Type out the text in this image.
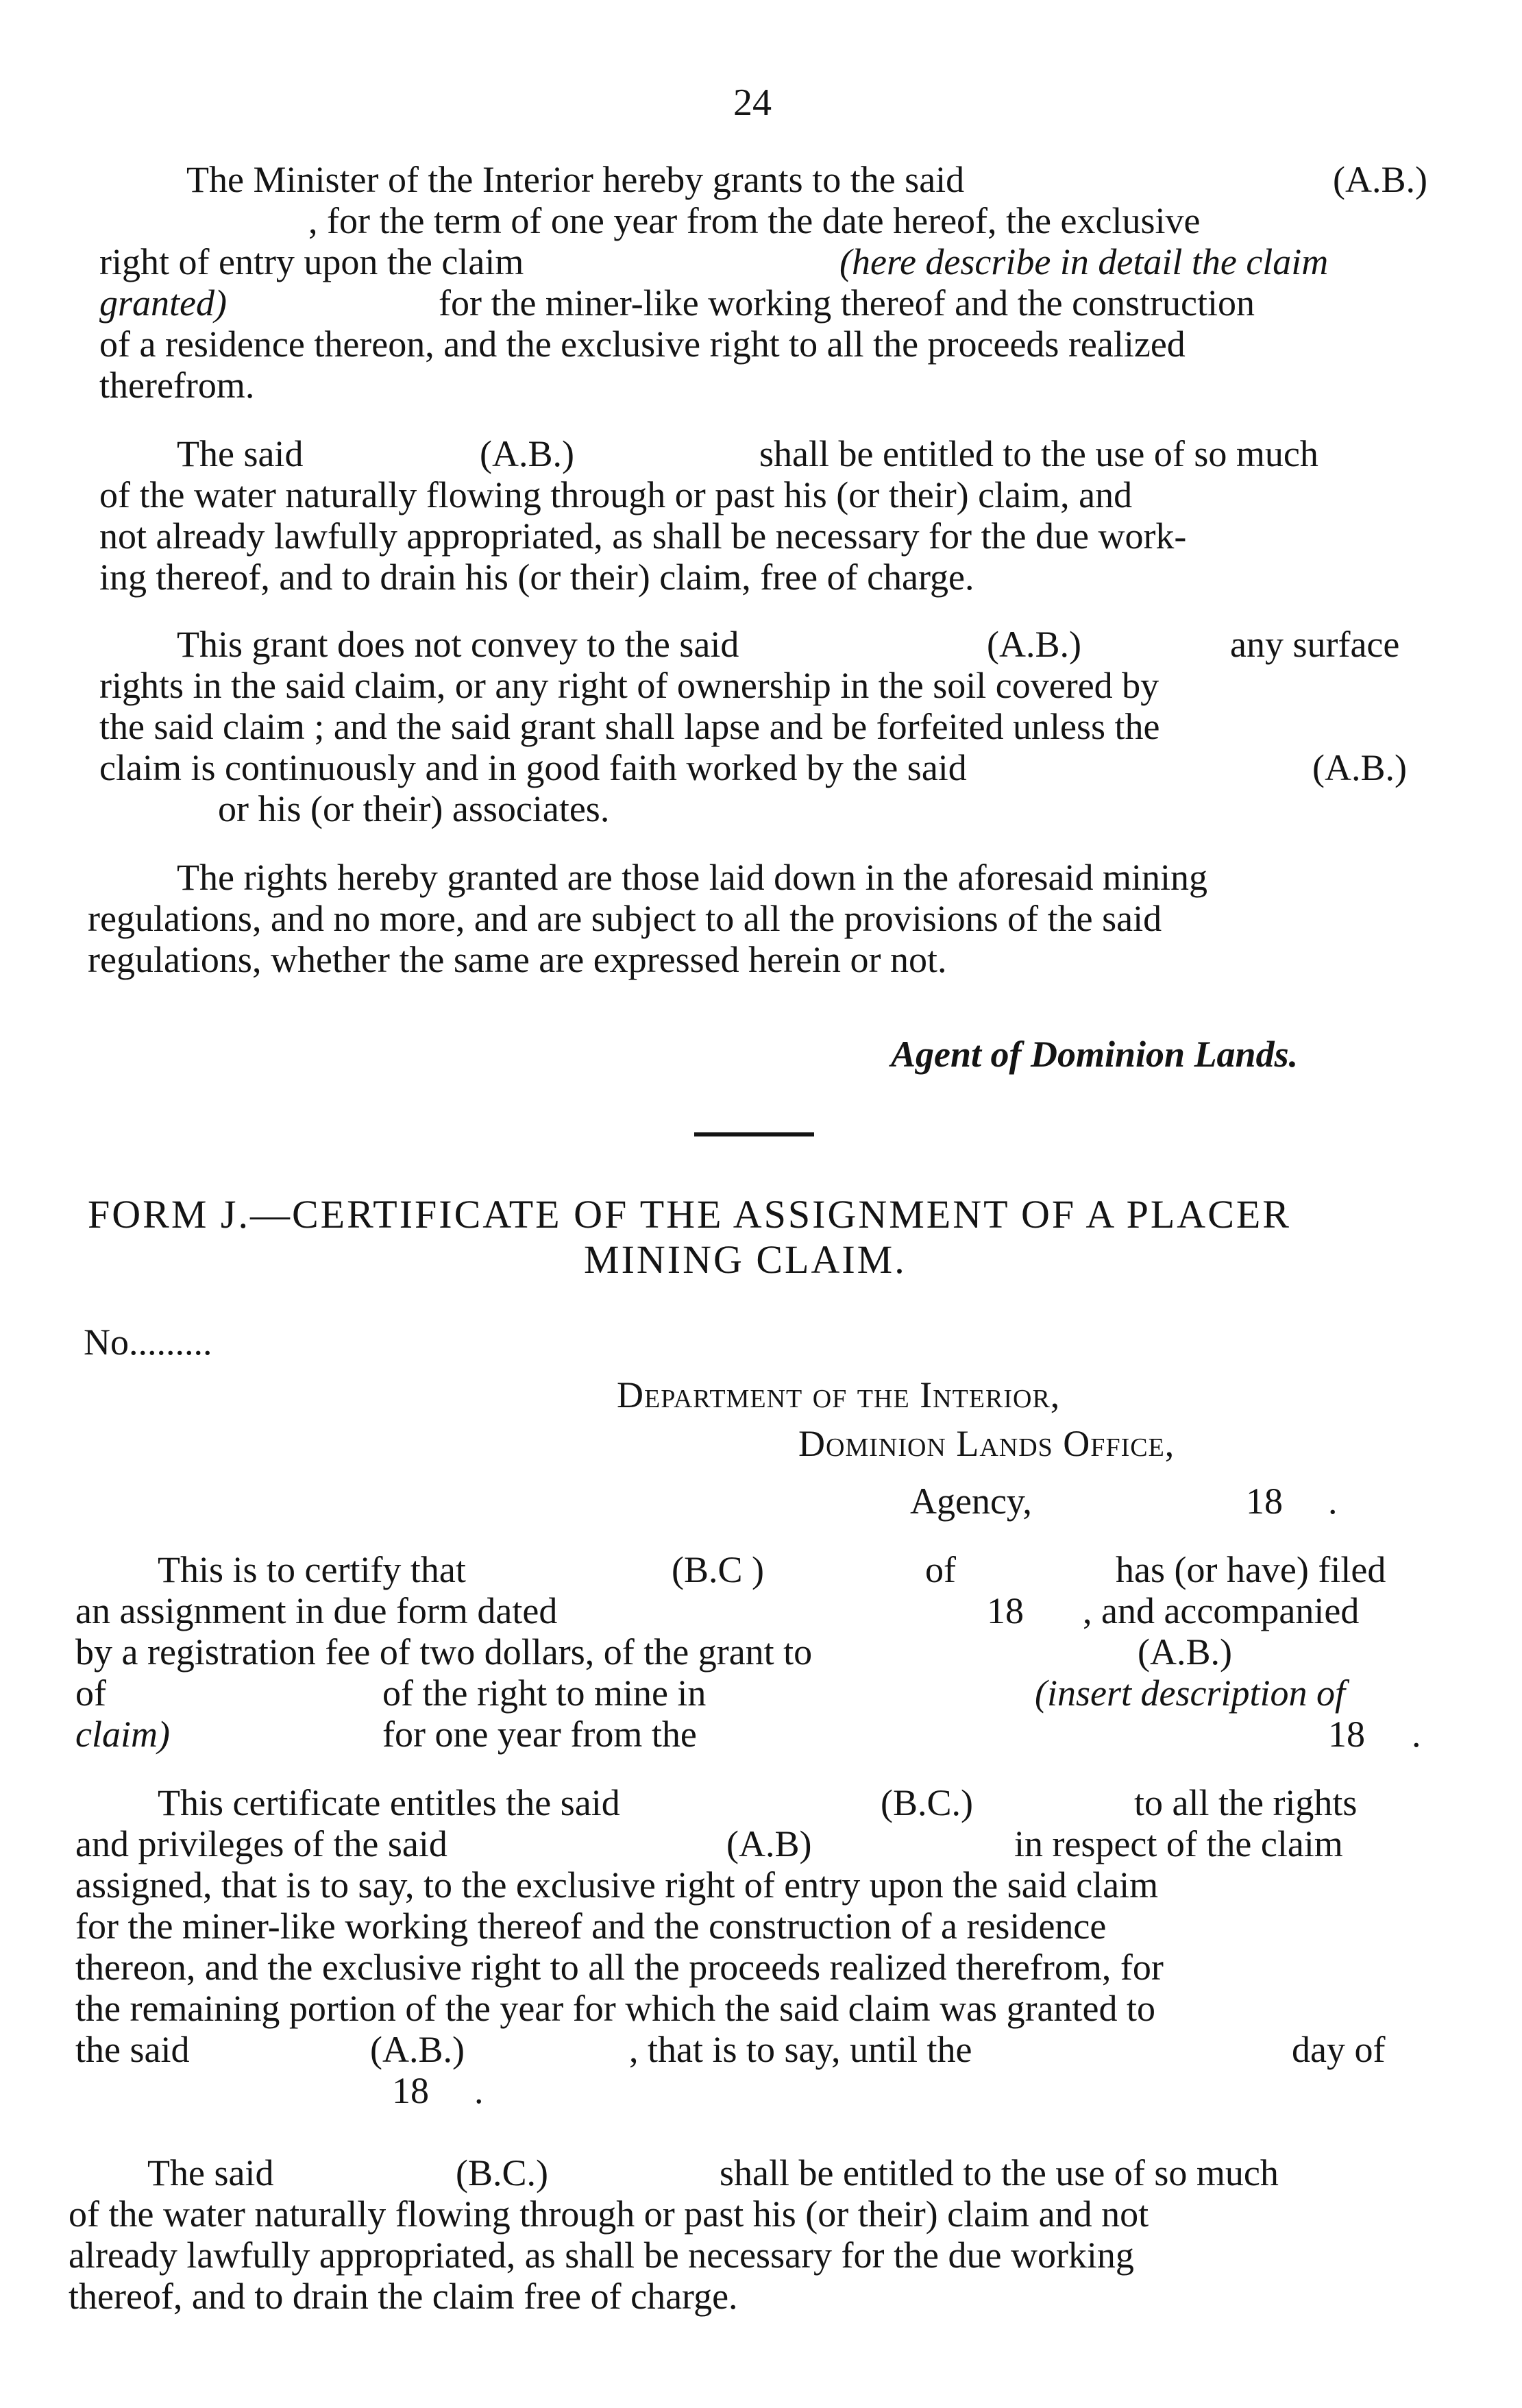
24
The Minister of the Interior hereby grants to the said	(A.B.)
, for the term of one year from the date hereof, the exclusive
right of entry upon the claim	(here describe in detail the claim
granted)	for the miner-like working thereof and the construction
of a residence thereon, and the exclusive right to all the proceeds realized
therefrom.
The said	(A.B.)	shall be entitled to the use of so much
of the water naturally flowing through or past his (or their) claim, and
not already lawfully appropriated, as shall be necessary for the due work-
ing thereof, and to drain his (or their) claim, free of charge.
This grant does not convey to the said	(A.B.)	any surface
rights in the said claim, or any right of ownership in the soil covered by
the said claim ; and the said grant shall lapse and be forfeited unless the
claim is continuously and in good faith worked by the said	(A.B.)
or his (or their) associates.
The rights hereby granted are those laid down in the aforesaid mining
regulations, and no more, and are subject to all the provisions of the said
regulations, whether the same are expressed herein or not.
Agent of Dominion Lands.
FORM J.—CERTIFICATE OF THE ASSIGNMENT OF A PLACER
MINING CLAIM.
No.........
Department of the Interior,
Dominion Lands Office,
Agency,	18 .
This is to certify that	(B.C )	of	has (or have) filed
an assignment in due form dated	18 , and accompanied
by a registration fee of two dollars, of the grant to	(A.B.)
of	of the right to mine in	(insert description of
claim)	for one year from the	18 .
This certificate entitles the said	(B.C.)	to all the rights
and privileges of the said	(A.B)	in respect of the claim
assigned, that is to say, to the exclusive right of entry upon the said claim
for the miner-like working thereof and the construction of a residence
thereon, and the exclusive right to all the proceeds realized therefrom, for
the remaining portion of the year for which the said claim was granted to
the said	(A.B.)	, that is to say, until the	day of
18 .
The said	(B.C.)	shall be entitled to the use of so much
of the water naturally flowing through or past his (or their) claim and not
already lawfully appropriated, as shall be necessary for the due working
thereof, and to drain the claim free of charge.
